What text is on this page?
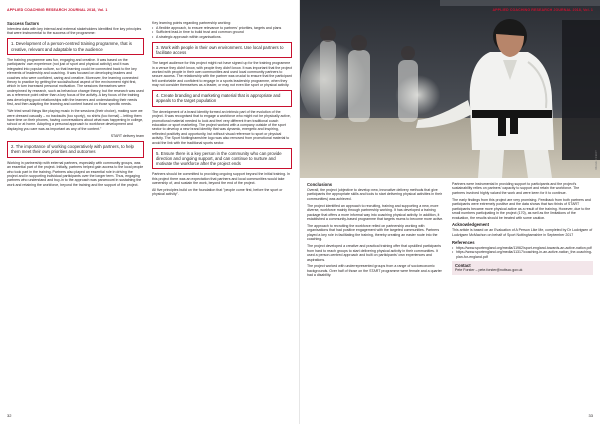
APPLIED COACHING RESEARCH JOURNAL 2018, Vol. 1
Success factors

Interview data with key internal and external stakeholders identified five key principles that were instrumental to the success of the programme:

1. Development of a person-centred training programme, that is creative, relevant and adaptable to the audience

The training programme was fun, engaging and creative. It was based on the participants' own experience (not just of sport and physical activity) and it was integrated into popular culture, so that learning could be connected back to the key elements of leadership and coaching. It was focused on developing leaders and coaches who were confident, caring and creative. Moreover, the learning connected theory to practice by getting the social/cultural aspect of the environment right first, which in turn increased personal motivation. The sessions themselves were underpinned by research, such as behaviour change theory, but the research was used as a reference point rather than a key focus of the activity. A key focus of the training was developing good relationships with the learners and understanding their needs first, and then adapting the learning and content based on those specific needs.

"We tried small things like playing music in the sessions (their choice), making sure we were dressed casually – no tracksuits (too sporty), no shirts (too formal) – letting them have time on their phones, having conversations about what was happening in college, school or at home. Adopting a personal approach to workforce development and displaying you care was as important as any of the content."

START delivery team
2. The importance of working cooperatively with partners, to help them meet their own priorities and outcomes

Working in partnership with external partners, especially with community groups, was an essential part of the project. Initially, partners helped gain access to the local people who took part in the training. Partners also played an essential role in driving the project and in supporting individual participants over the longer term. Thus, engaging partners who understand and buy-in to the approach was paramount in sustaining the work and retaining the workforce, beyond the training and the support of the project.

Key learning points regarding partnership working:

• A flexible approach, to ensure relevance to partners' priorities, targets and plans
• Sufficient lead-in time to build trust and common ground
• A strategic approach within organisations.
3. Work with people in their own environment. Use local partners to facilitate access

The target audience for this project might not have signed up for the training programme in a venue they didn't know, with people they didn't know. It was important that the project worked with people in their own communities and used local community partners to secure access. The relationship with the partner was crucial to ensure that the participant felt comfortable and confident to engage in a sports leadership programme, when they may not consider themselves as a leader, or may not even like sport or physical activity.

4. Create branding and marketing material that is appropriate and appeals to the target population

The development of a brand identity formed an intrinsic part of the evolution of the project. It was recognised that to engage a workforce who might not be physically active, promotional material needed to look and feel very different from traditional coach education or sport marketing. The project worked with a company outside of the sport sector to develop a new brand identity that was dynamic, energetic and inspiring, reflected positivity and opportunity, but without visual reference to sport or physical activity. The Sport Nottinghamshire logo was also removed from promotional material to avoid the link with the traditional sports sector.

5. Ensure there is a key person in the community who can provide direction and ongoing support, and can continue to nurture and motivate the workforce after the project ends

Partners should be committed to providing ongoing support beyond the initial training. In this project there was an expectation that partners and local communities would take ownership of, and sustain the work, beyond the end of the project.

All five principles build on the foundation that "people come first, before the sport or physical activity".

32
IMAGE CREDIT
Conclusions

Overall, the project (objective to develop new, innovative delivery methods that give participants the appropriate skills and tools to start delivering physical activities in their communities) was achieved.

The project identified an approach to recruiting, training and supporting a new, more diverse, workforce mainly through partnership working. It has developed a training package that offers a more informal way into coaching physical activity. In addition, it established a community-based programme that targets mums to become more active.

The approach to recruiting the workforce relied on partnership working with organisations that had positive engagement with the targeted communities. Partners played a key role in facilitating the training, thereby creating an easier route into the coaching.

The project developed a creative and practical training offer that upskilled participants from hard to reach groups to start delivering physical activity in their communities. It used a person-centred approach and built on participants' own experiences and aspirations.

The project worked with underrepresented groups from a range of socioeconomic backgrounds. Over half of those on the START programme were female and a quarter had a disability.

Partners were instrumental in providing support to participants and the project's sustainability relies on partners' capacity to support and retain the workforce. The partners involved highly valued the work and were keen for it to continue.

The early findings from this project are very promising. Feedback from both partners and participants were extremely positive and the data shows that two thirds of START participants became more physical active as a result of the training. However, due to the small numbers participating in the project (170), as well as the limitations of the evaluation, the results should be treated with some caution.

Acknowledgement

This article is based on an Evaluation of A Person Like Me, completed by Dr Ludvigsen of Ludvigsen McMachon on behalf of Sport Nottinghamshire in September 2017

References
• https://www.sportengland.org/media/11962/sport-england-towards-an-active-nation.pdf
• https://www.sportengland.org/media/11317/coaching-in-an-active-nation_the-coaching-plan-for-england.pdf
Contact
Pete Forster – pete.forster@nottscc.gov.uk
33
APPLIED COACHING RESEARCH JOURNAL 2018, Vol. 1
